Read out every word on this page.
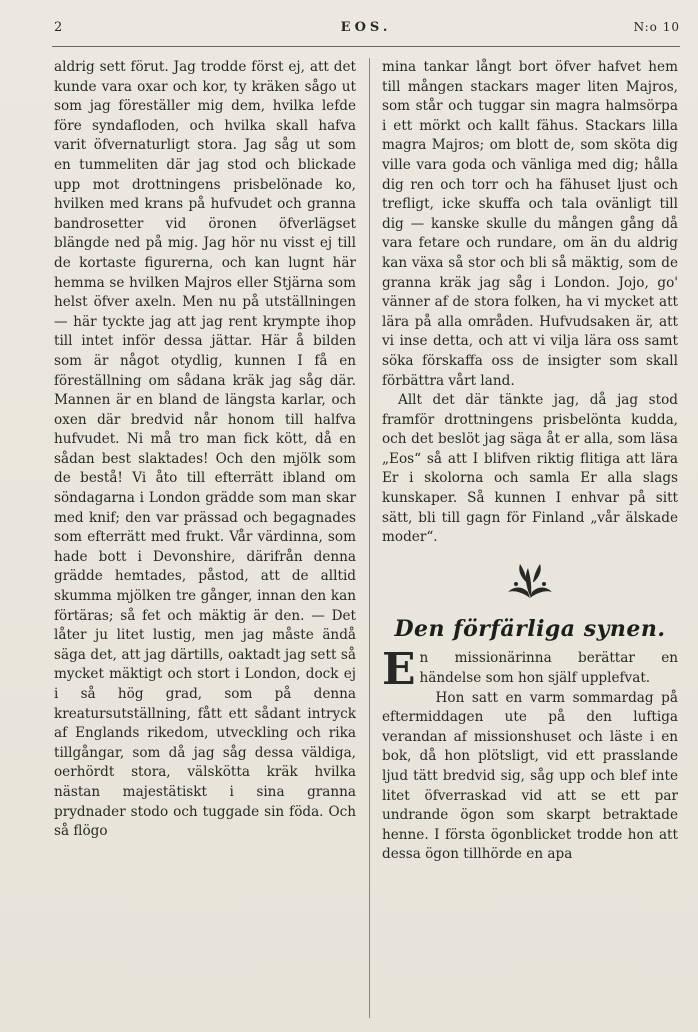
2	EOS.	N:o 10

aldrig sett förut. Jag trodde först ej, att det kunde vara oxar och kor, ty kräken sågo ut som jag föreställer mig dem, hvilka lefde före syndafloden, och hvilka skall hafva varit öfvernaturligt stora. Jag såg ut som en tummeliten där jag stod och blickade upp mot drottningens prisbelönade ko, hvilken med krans på hufvudet och granna bandrosetter vid öronen öfverlägset blängde ned på mig. Jag hör nu visst ej till de kortaste figurerna, och kan lugnt här hemma se hvilken Majros eller Stjärna som helst öfver axeln. Men nu på utställningen — här tyckte jag att jag rent krympte ihop till intet inför dessa jättar. Här å bilden som är något otydlig, kunnen I få en föreställning om sådana kräk jag såg där. Mannen är en bland de längsta karlar, och oxen där bredvid når honom till halfva hufvudet. Ni må tro man fick kött, då en sådan best slaktades! Och den mjölk som de bestå! Vi åto till efterrätt ibland om söndagarna i London grädde som man skar med knif; den var prässad och begagnades som efterrätt med frukt. Vår värdinna, som hade bott i Devonshire, därifrån denna grädde hemtades, påstod, att de alltid skumma mjölken tre gånger, innan den kan förtäras; så fet och mäktig är den. — Det låter ju litet lustig, men jag måste ändå säga det, att jag därtills, oaktadt jag sett så mycket mäktigt och stort i London, dock ej i så hög grad, som på denna kreatursutställning, fått ett sådant intryck af Englands rikedom, utveckling och rika tillgångar, som då jag såg dessa väldiga, oerhördt stora, välskötta kräk hvilka nästan majestätiskt i sina granna prydnader stodo och tuggade sin föda. Och så flögo

mina tankar långt bort öfver hafvet hem till mången stackars mager liten Majros, som står och tuggar sin magra halmsörpa i ett mörkt och kallt fähus. Stackars lilla magra Majros; om blott de, som sköta dig ville vara goda och vänliga med dig; hålla dig ren och torr och ha fähuset ljust och trefligt, icke skuffa och tala ovänligt till dig — kanske skulle du mången gång då vara fetare och rundare, om än du aldrig kan växa så stor och bli så mäktig, som de granna kräk jag såg i London. Jojo, go' vänner af de stora folken, ha vi mycket att lära på alla områden. Hufvudsaken är, att vi inse detta, och att vi vilja lära oss samt söka förskaffa oss de insigter som skall förbättra vårt land.

Allt det där tänkte jag, då jag stod framför drottningens prisbelönta kudda, och det beslöt jag säga åt er alla, som läsa „Eos“ så att I blifven riktig flitiga att lära Er i skolorna och samla Er alla slags kunskaper. Så kunnen I enhvar på sitt sätt, bli till gagn för Finland „vår älskade moder“.

Den förfärliga synen.

En missionärinna berättar en händelse som hon själf upplefvat.

Hon satt en varm sommardag på eftermiddagen ute på den luftiga verandan af missionshuset och läste i en bok, då hon plötsligt, vid ett prasslande ljud tätt bredvid sig, såg upp och blef inte litet öfverraskad vid att se ett par undrande ögon som skarpt betraktade henne. I första ögonblicket trodde hon att dessa ögon tillhörde en apa
